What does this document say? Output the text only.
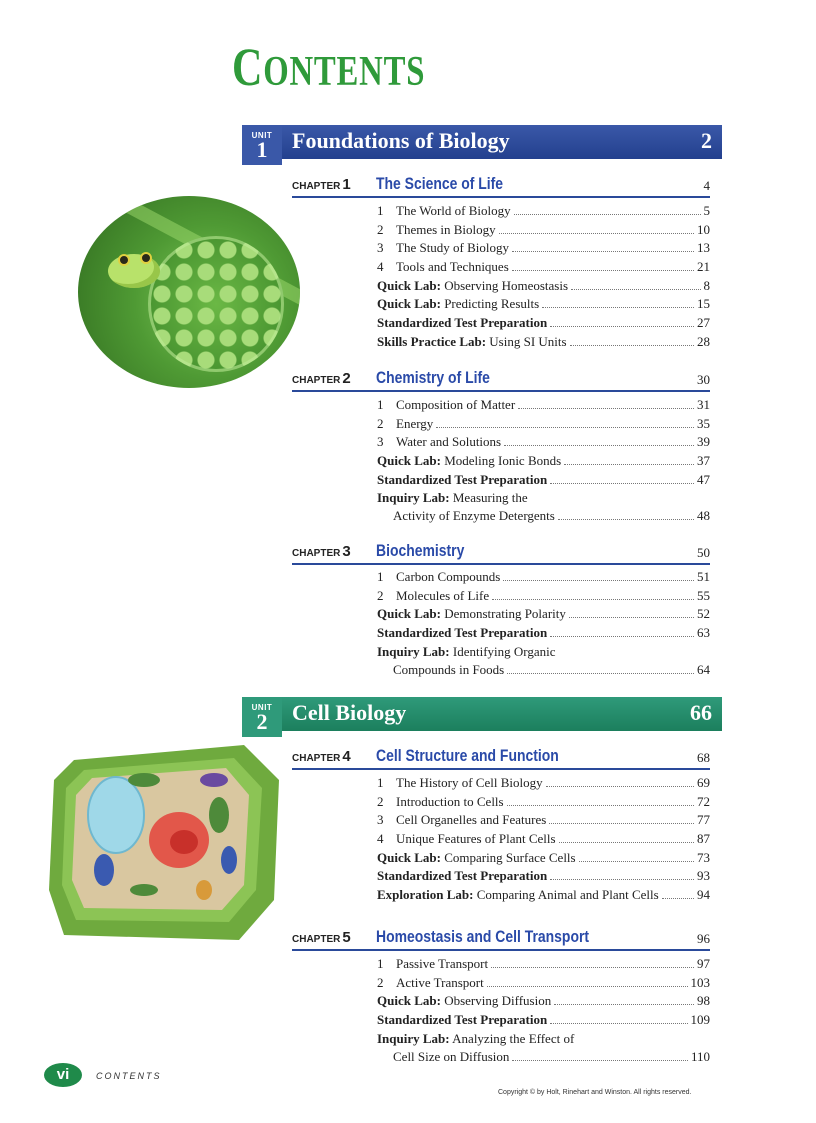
CONTENTS
UNIT
1	Foundations of Biology	2
CHAPTER 1 The Science of Life	4
1 The World of Biology	5
2 Themes in Biology	10
3 The Study of Biology	13
4 Tools and Techniques	21
Quick Lab: Observing Homeostasis	8
Quick Lab: Predicting Results	15
Standardized Test Preparation	27
Skills Practice Lab: Using SI Units	28
CHAPTER 2 Chemistry of Life	30
1 Composition of Matter	31
2 Energy	35
3 Water and Solutions	39
Quick Lab: Modeling Ionic Bonds	37
Standardized Test Preparation	47
Inquiry Lab: Measuring the
Activity of Enzyme Detergents	48
CHAPTER 3 Biochemistry	50
1 Carbon Compounds	51
2 Molecules of Life	55
Quick Lab: Demonstrating Polarity	52
Standardized Test Preparation	63
Inquiry Lab: Identifying Organic
Compounds in Foods	64
UNIT
2	Cell Biology	66
CHAPTER 4 Cell Structure and Function	68
1 The History of Cell Biology	69
2 Introduction to Cells	72
3 Cell Organelles and Features	77
4 Unique Features of Plant Cells	87
Quick Lab: Comparing Surface Cells	73
Standardized Test Preparation	93
Exploration Lab: Comparing Animal and Plant Cells	94
CHAPTER 5 Homeostasis and Cell Transport	96
1 Passive Transport	97
2 Active Transport	103
Quick Lab: Observing Diffusion	98
Standardized Test Preparation	109
Inquiry Lab: Analyzing the Effect of
Cell Size on Diffusion	110
vi	CONTENTS
Copyright © by Holt, Rinehart and Winston. All rights reserved.
